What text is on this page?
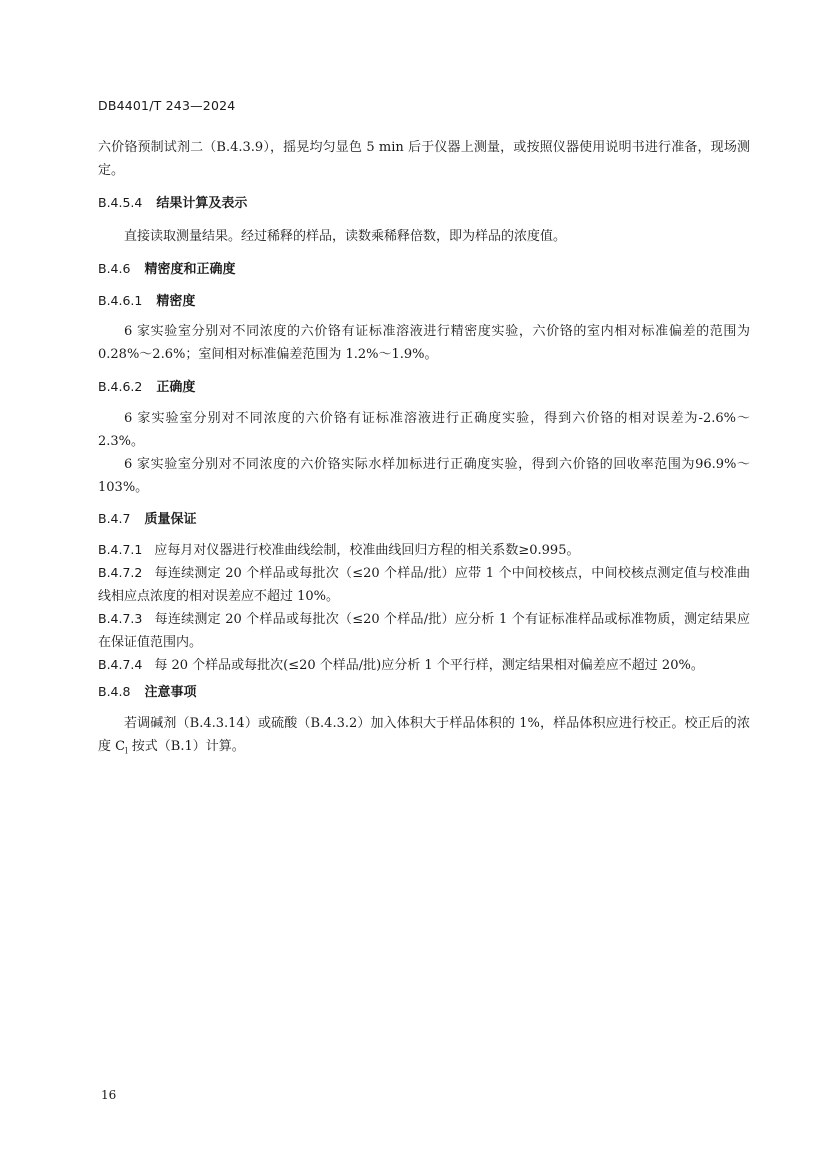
DB4401/T 243—2024
六价铬预制试剂二（B.4.3.9），摇晃均匀显色 5 min 后于仪器上测量，或按照仪器使用说明书进行准备，现场测定。
B.4.5.4 结果计算及表示
直接读取测量结果。经过稀释的样品，读数乘稀释倍数，即为样品的浓度值。
B.4.6 精密度和正确度
B.4.6.1 精密度
6 家实验室分别对不同浓度的六价铬有证标准溶液进行精密度实验，六价铬的室内相对标准偏差的范围为 0.28%～2.6%；室间相对标准偏差范围为 1.2%～1.9%。
B.4.6.2 正确度
6 家实验室分别对不同浓度的六价铬有证标准溶液进行正确度实验，得到六价铬的相对误差为-2.6%～2.3%。
6 家实验室分别对不同浓度的六价铬实际水样加标进行正确度实验，得到六价铬的回收率范围为96.9%～103%。
B.4.7 质量保证
B.4.7.1 应每月对仪器进行校准曲线绘制，校准曲线回归方程的相关系数≥0.995。
B.4.7.2 每连续测定 20 个样品或每批次（≤20 个样品/批）应带 1 个中间校核点，中间校核点测定值与校准曲线相应点浓度的相对误差应不超过 10%。
B.4.7.3 每连续测定 20 个样品或每批次（≤20 个样品/批）应分析 1 个有证标准样品或标准物质，测定结果应在保证值范围内。
B.4.7.4 每 20 个样品或每批次(≤20 个样品/批)应分析 1 个平行样，测定结果相对偏差应不超过 20%。
B.4.8 注意事项
若调碱剂（B.4.3.14）或硫酸（B.4.3.2）加入体积大于样品体积的 1%，样品体积应进行校正。校正后的浓度 $C_l$ 按式（B.1）计算。
16
